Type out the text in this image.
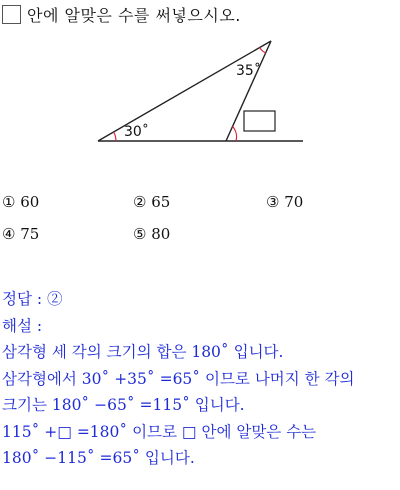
안에 알맞은 수를 써넣으시오.
30˚
35˚
① 60	② 65	③ 70
④ 75	⑤ 80
정답 : ②
해설 :
삼각형 세 각의 크기의 합은 180˚ 입니다.
삼각형에서 30˚ +35˚ =65˚ 이므로 나머지 한 각의
크기는 180˚ −65˚ =115˚ 입니다.
115˚ +□ =180˚ 이므로 □ 안에 알맞은 수는
180˚ −115˚ =65˚ 입니다.
